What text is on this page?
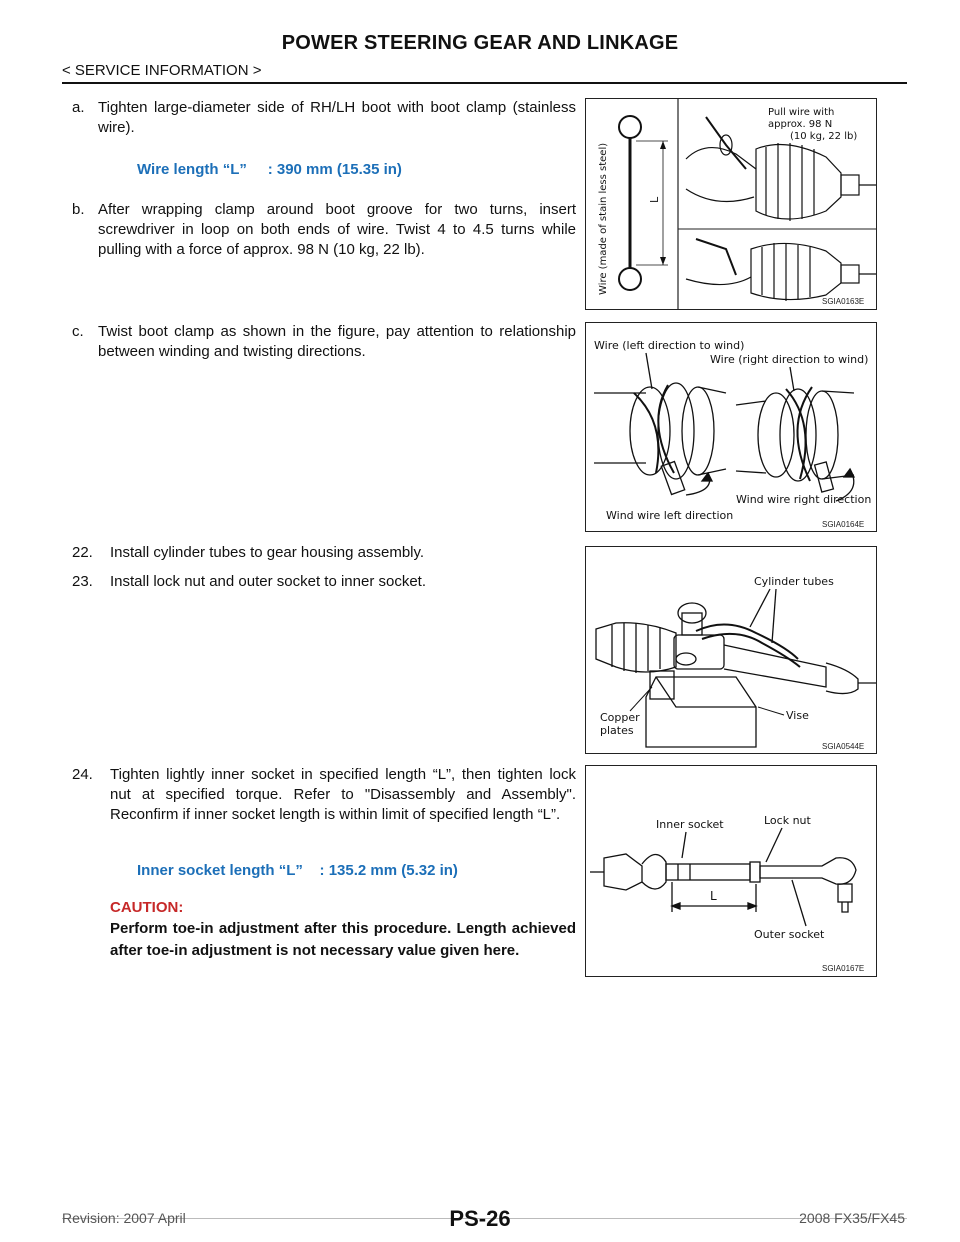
POWER STEERING GEAR AND LINKAGE
< SERVICE INFORMATION >
a. Tighten large-diameter side of RH/LH boot with boot clamp (stainless wire).
Wire length “L”     : 390 mm (15.35 in)
b. After wrapping clamp around boot groove for two turns, insert screwdriver in loop on both ends of wire. Twist 4 to 4.5 turns while pulling with a force of approx. 98 N (10 kg, 22 lb).
c. Twist boot clamp as shown in the figure, pay attention to relationship between winding and twisting directions.
22. Install cylinder tubes to gear housing assembly.
23. Install lock nut and outer socket to inner socket.
24. Tighten lightly inner socket in specified length “L”, then tighten lock nut at specified torque. Refer to "Disassembly and Assembly". Reconfirm if inner socket length is within limit of specified length “L”.
Inner socket length “L”    : 135.2 mm (5.32 in)
CAUTION:
Perform toe-in adjustment after this procedure. Length achieved after toe-in adjustment is not necessary value given here.
Wire (made of stain less steel)	L
Pull wire with
approx. 98 N
(10 kg, 22 lb)
SGIA0163E
Wire (left direction to wind)
Wire (right direction to wind)
Wind wire right direction
Wind wire left direction
SGIA0164E
Cylinder tubes
Vise
Copper
plates
SGIA0544E
Inner socket	Lock nut
L
Outer socket
SGIA0167E
Revision: 2007 April	PS-26	2008 FX35/FX45
